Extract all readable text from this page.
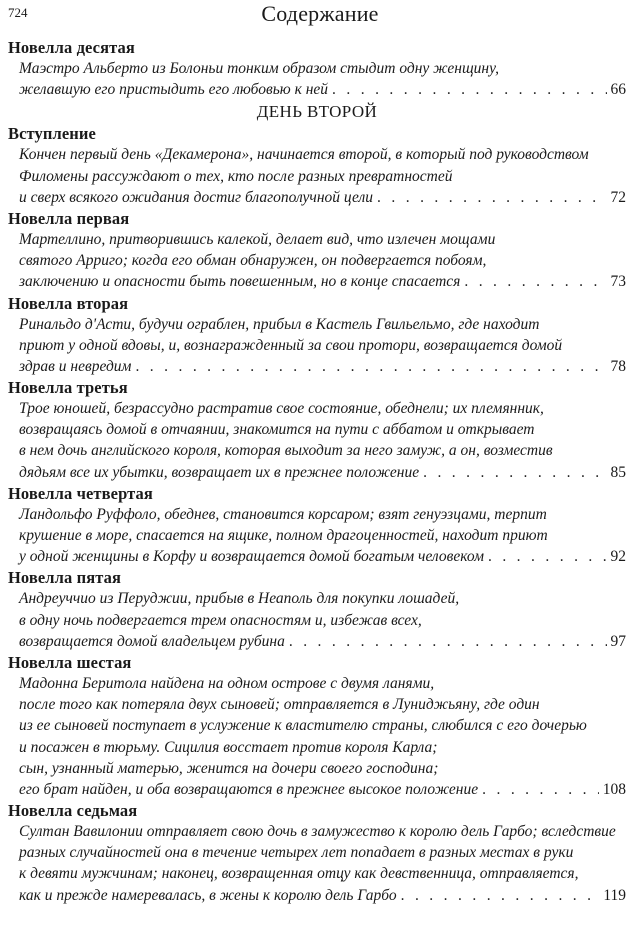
724	Содержание
Новелла десятая
Маэстро Альберто из Болоньи тонким образом стыдит одну женщину,
желавшую его пристыдить его любовью к ней . . .	66
ДЕНЬ ВТОРОЙ
Вступление
Кончен первый день «Декамерона», начинается второй, в который под руководством
Филомены рассуждают о тех, кто после разных превратностей
и сверх всякого ожидания достиг благополучной цели . . .	72
Новелла первая
Мартеллино, притворившись калекой, делает вид, что излечен мощами
святого Арриго; когда его обман обнаружен, он подвергается побоям,
заключению и опасности быть повешенным, но в конце спасается . . .	73
Новелла вторая
Ринальдо д'Асти, будучи ограблен, прибыл в Кастель Гвильельмо, где находит
приют у одной вдовы, и, вознагражденный за свои протори, возвращается домой
здрав и невредим . . .	78
Новелла третья
Трое юношей, безрассудно растратив свое состояние, обеднели; их племянник,
возвращаясь домой в отчаянии, знакомится на пути с аббатом и открывает
в нем дочь английского короля, которая выходит за него замуж, а он, возместив
дядьям все их убытки, возвращает их в прежнее положение . . .	85
Новелла четвертая
Ландольфо Руффоло, обеднев, становится корсаром; взят генуэзцами, терпит
крушение в море, спасается на ящике, полном драгоценностей, находит приют
у одной женщины в Корфу и возвращается домой богатым человеком . . .	92
Новелла пятая
Андреуччио из Перуджии, прибыв в Неаполь для покупки лошадей,
в одну ночь подвергается трем опасностям и, избежав всех,
возвращается домой владельцем рубина . . .	97
Новелла шестая
Мадонна Беритола найдена на одном острове с двумя ланями,
после того как потеряла двух сыновей; отправляется в Луниджьяну, где один
из ее сыновей поступает в услужение к властителю страны, слюбился с его дочерью
и посажен в тюрьму. Сицилия восстает против короля Карла;
сын, узнанный матерью, женится на дочери своего господина;
его брат найден, и оба возвращаются в прежнее высокое положение . . .	108
Новелла седьмая
Султан Вавилонии отправляет свою дочь в замужество к королю дель Гарбо; вследствие
разных случайностей она в течение четырех лет попадает в разных местах в руки
к девяти мужчинам; наконец, возвращенная отцу как девственница, отправляется,
как и прежде намеревалась, в жены к королю дель Гарбо . . .	119
